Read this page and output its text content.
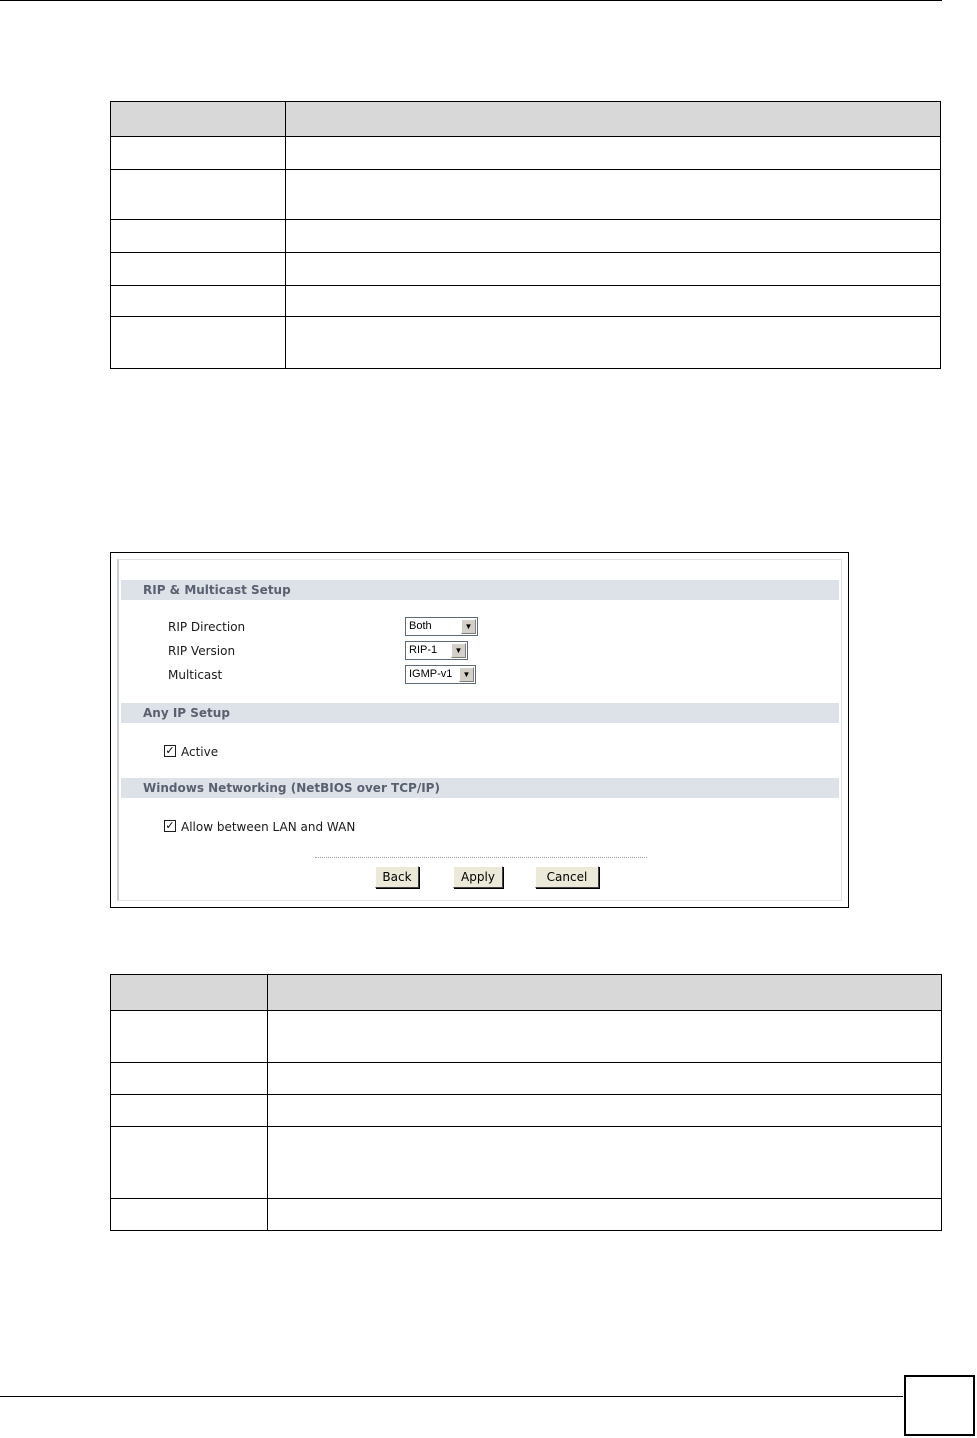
RIP & Multicast Setup
RIP Direction	Both	▼
RIP Version	RIP-1	▼
Multicast	IGMP-v1	▼
Any IP Setup
✓ Active
Windows Networking (NetBIOS over TCP/IP)
✓ Allow between LAN and WAN
Back	Apply	Cancel
